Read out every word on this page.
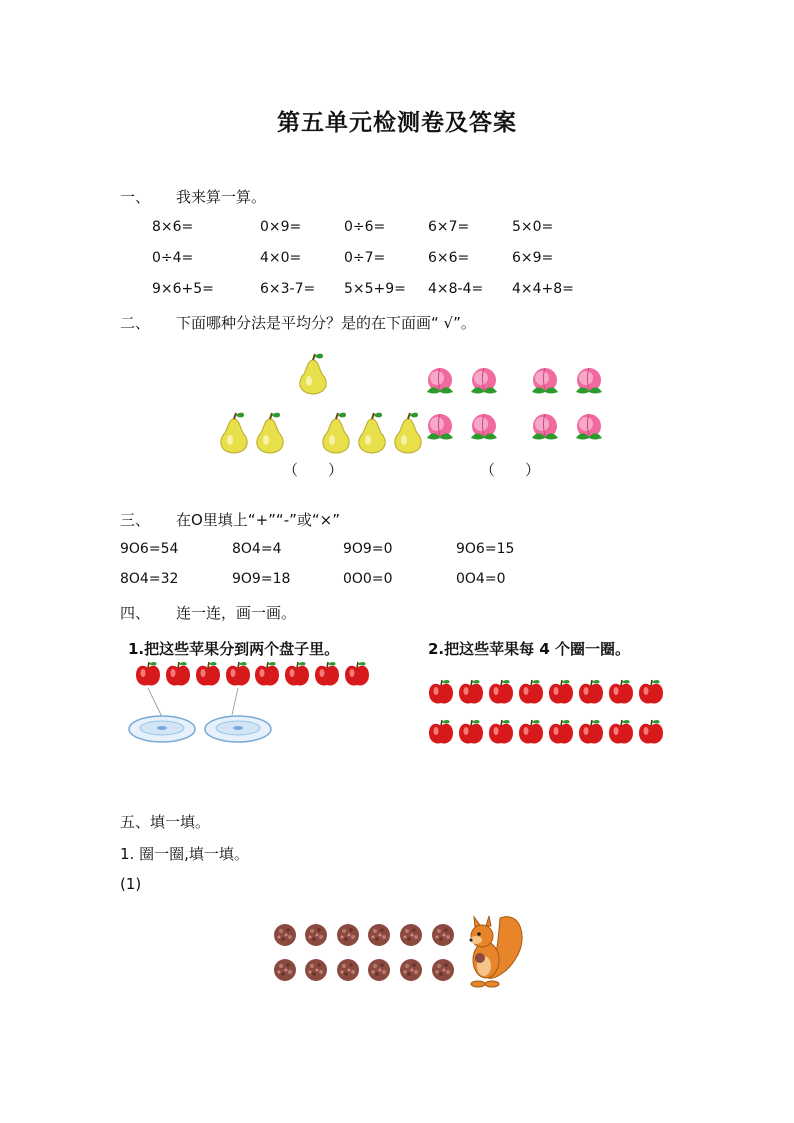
第五单元检测卷及答案
一、 我来算一算。
8×6=	0×9=	0÷6=	6×7=	5×0=
0÷4=	4×0=	0÷7=	6×6=	6×9=
9×6+5=	6×3-7= 5×5+9= 4×8-4= 4×4+8=
二、 下面哪种分法是平均分？是的在下面画“ √”。
（　　）	（　　）
三、 在O里填上“+”“-”或“×”
9O6=54	8O4=4	9O9=0	9O6=15
8O4=32	9O9=18	0O0=0	0O4=0
四、 连一连，画一画。
1.把这些苹果分到两个盘子里。	2.把这些苹果每 4 个圈一圈。
五、填一填。
1. 圈一圈,填一填。
(1)
